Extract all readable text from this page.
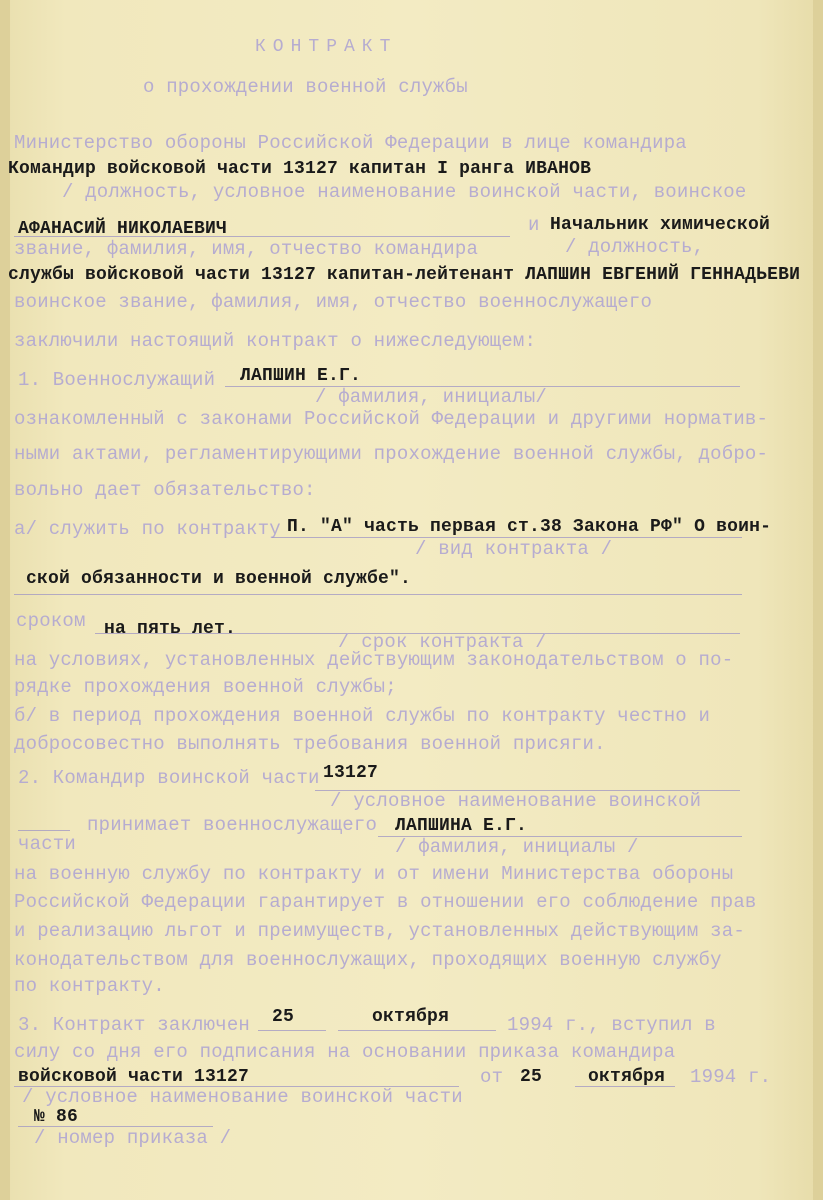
КОНТРАКТ
о прохождении военной службы
Министерство обороны Российской Федерации в лице командира
Командир войсковой части 13127 капитан I ранга ИВАНОВ
/ должность, условное наименование воинской части, воинское
АФАНАСИЙ НИКОЛАЕВИЧ	и Начальник химической
звание, фамилия, имя, отчество командира	/ должность,
службы войсковой части 13127 капитан-лейтенант ЛАПШИН ЕВГЕНИЙ ГЕННАДЬЕВИ
воинское звание, фамилия, имя, отчество военнослужащего
заключили настоящий контракт о нижеследующем:
1. Военнослужащий ЛАПШИН Е.Г.
/ фамилия, инициалы/
ознакомленный с законами Российской Федерации и другими норматив-
ными актами, регламентирующими прохождение военной службы, добро-
вольно дает обязательство:
а/ служить по контракту П. "А" часть первая ст.38 Закона РФ" О воин-
/ вид контракта /
ской обязанности и военной службе".
сроком на пять лет.
/ срок контракта /
на условиях, установленных действующим законодательством о по-
рядке прохождения военной службы;
б/ в период прохождения военной службы по контракту честно и
добросовестно выполнять требования военной присяги.
2. Командир воинской части 13127
/ условное наименование воинской
принимает военнослужащего ЛАПШИНА Е.Г.
части	/ фамилия, инициалы /
на военную службу по контракту и от имени Министерства обороны
Российской Федерации гарантирует в отношении его соблюдение прав
и реализацию льгот и преимуществ, установленных действующим за-
конодательством для военнослужащих, проходящих военную службу
по контракту.
3. Контракт заключен 25	октября	1994 г., вступил в
силу со дня его подписания на основании приказа командира
войсковой части 13127	от 25	октября 1994 г.
/ условное наименование воинской части
№ 86
/ номер приказа /
